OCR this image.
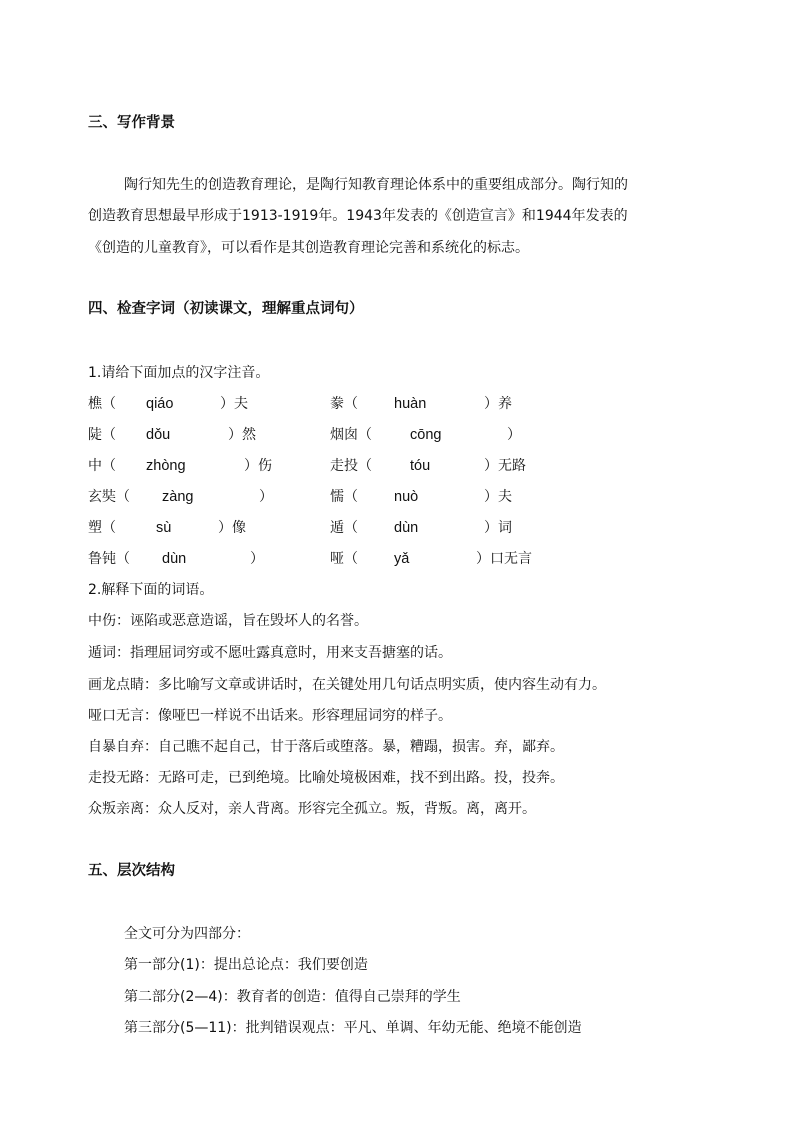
三、写作背景
陶行知先生的创造教育理论，是陶行知教育理论体系中的重要组成部分。陶行知的
创造教育思想最早形成于1913-1919年。1943年发表的《创造宣言》和1944年发表的
《创造的儿童教育》，可以看作是其创造教育理论完善和系统化的标志。
四、检查字词（初读课文，理解重点词句）
1.请给下面加点的汉字注音。
樵（ qiáo	）夫	豢（ huàn	）养
陡（ dǒu	）然	烟囱（	cōng	）
中（ zhòng	）伤	走投（	tóu	）无路
玄奘（ zàng	）	懦（ nuò	）夫
塑（	sù	）像	遁（ dùn	）词
鲁钝（ dùn	）	哑（ yǎ	）口无言
2.解释下面的词语。
中伤：诬陷或恶意造谣，旨在毁坏人的名誉。
遁词：指理屈词穷或不愿吐露真意时，用来支吾搪塞的话。
画龙点睛：多比喻写文章或讲话时，在关键处用几句话点明实质，使内容生动有力。
哑口无言：像哑巴一样说不出话来。形容理屈词穷的样子。
自暴自弃：自己瞧不起自己，甘于落后或堕落。暴，糟蹋，损害。弃，鄙弃。
走投无路：无路可走，已到绝境。比喻处境极困难，找不到出路。投，投奔。
众叛亲离：众人反对，亲人背离。形容完全孤立。叛，背叛。离，离开。
五、层次结构
全文可分为四部分：
第一部分(1)：提出总论点：我们要创造
第二部分(2—4)：教育者的创造：值得自己崇拜的学生
第三部分(5—11)：批判错误观点：平凡、单调、年幼无能、绝境不能创造
